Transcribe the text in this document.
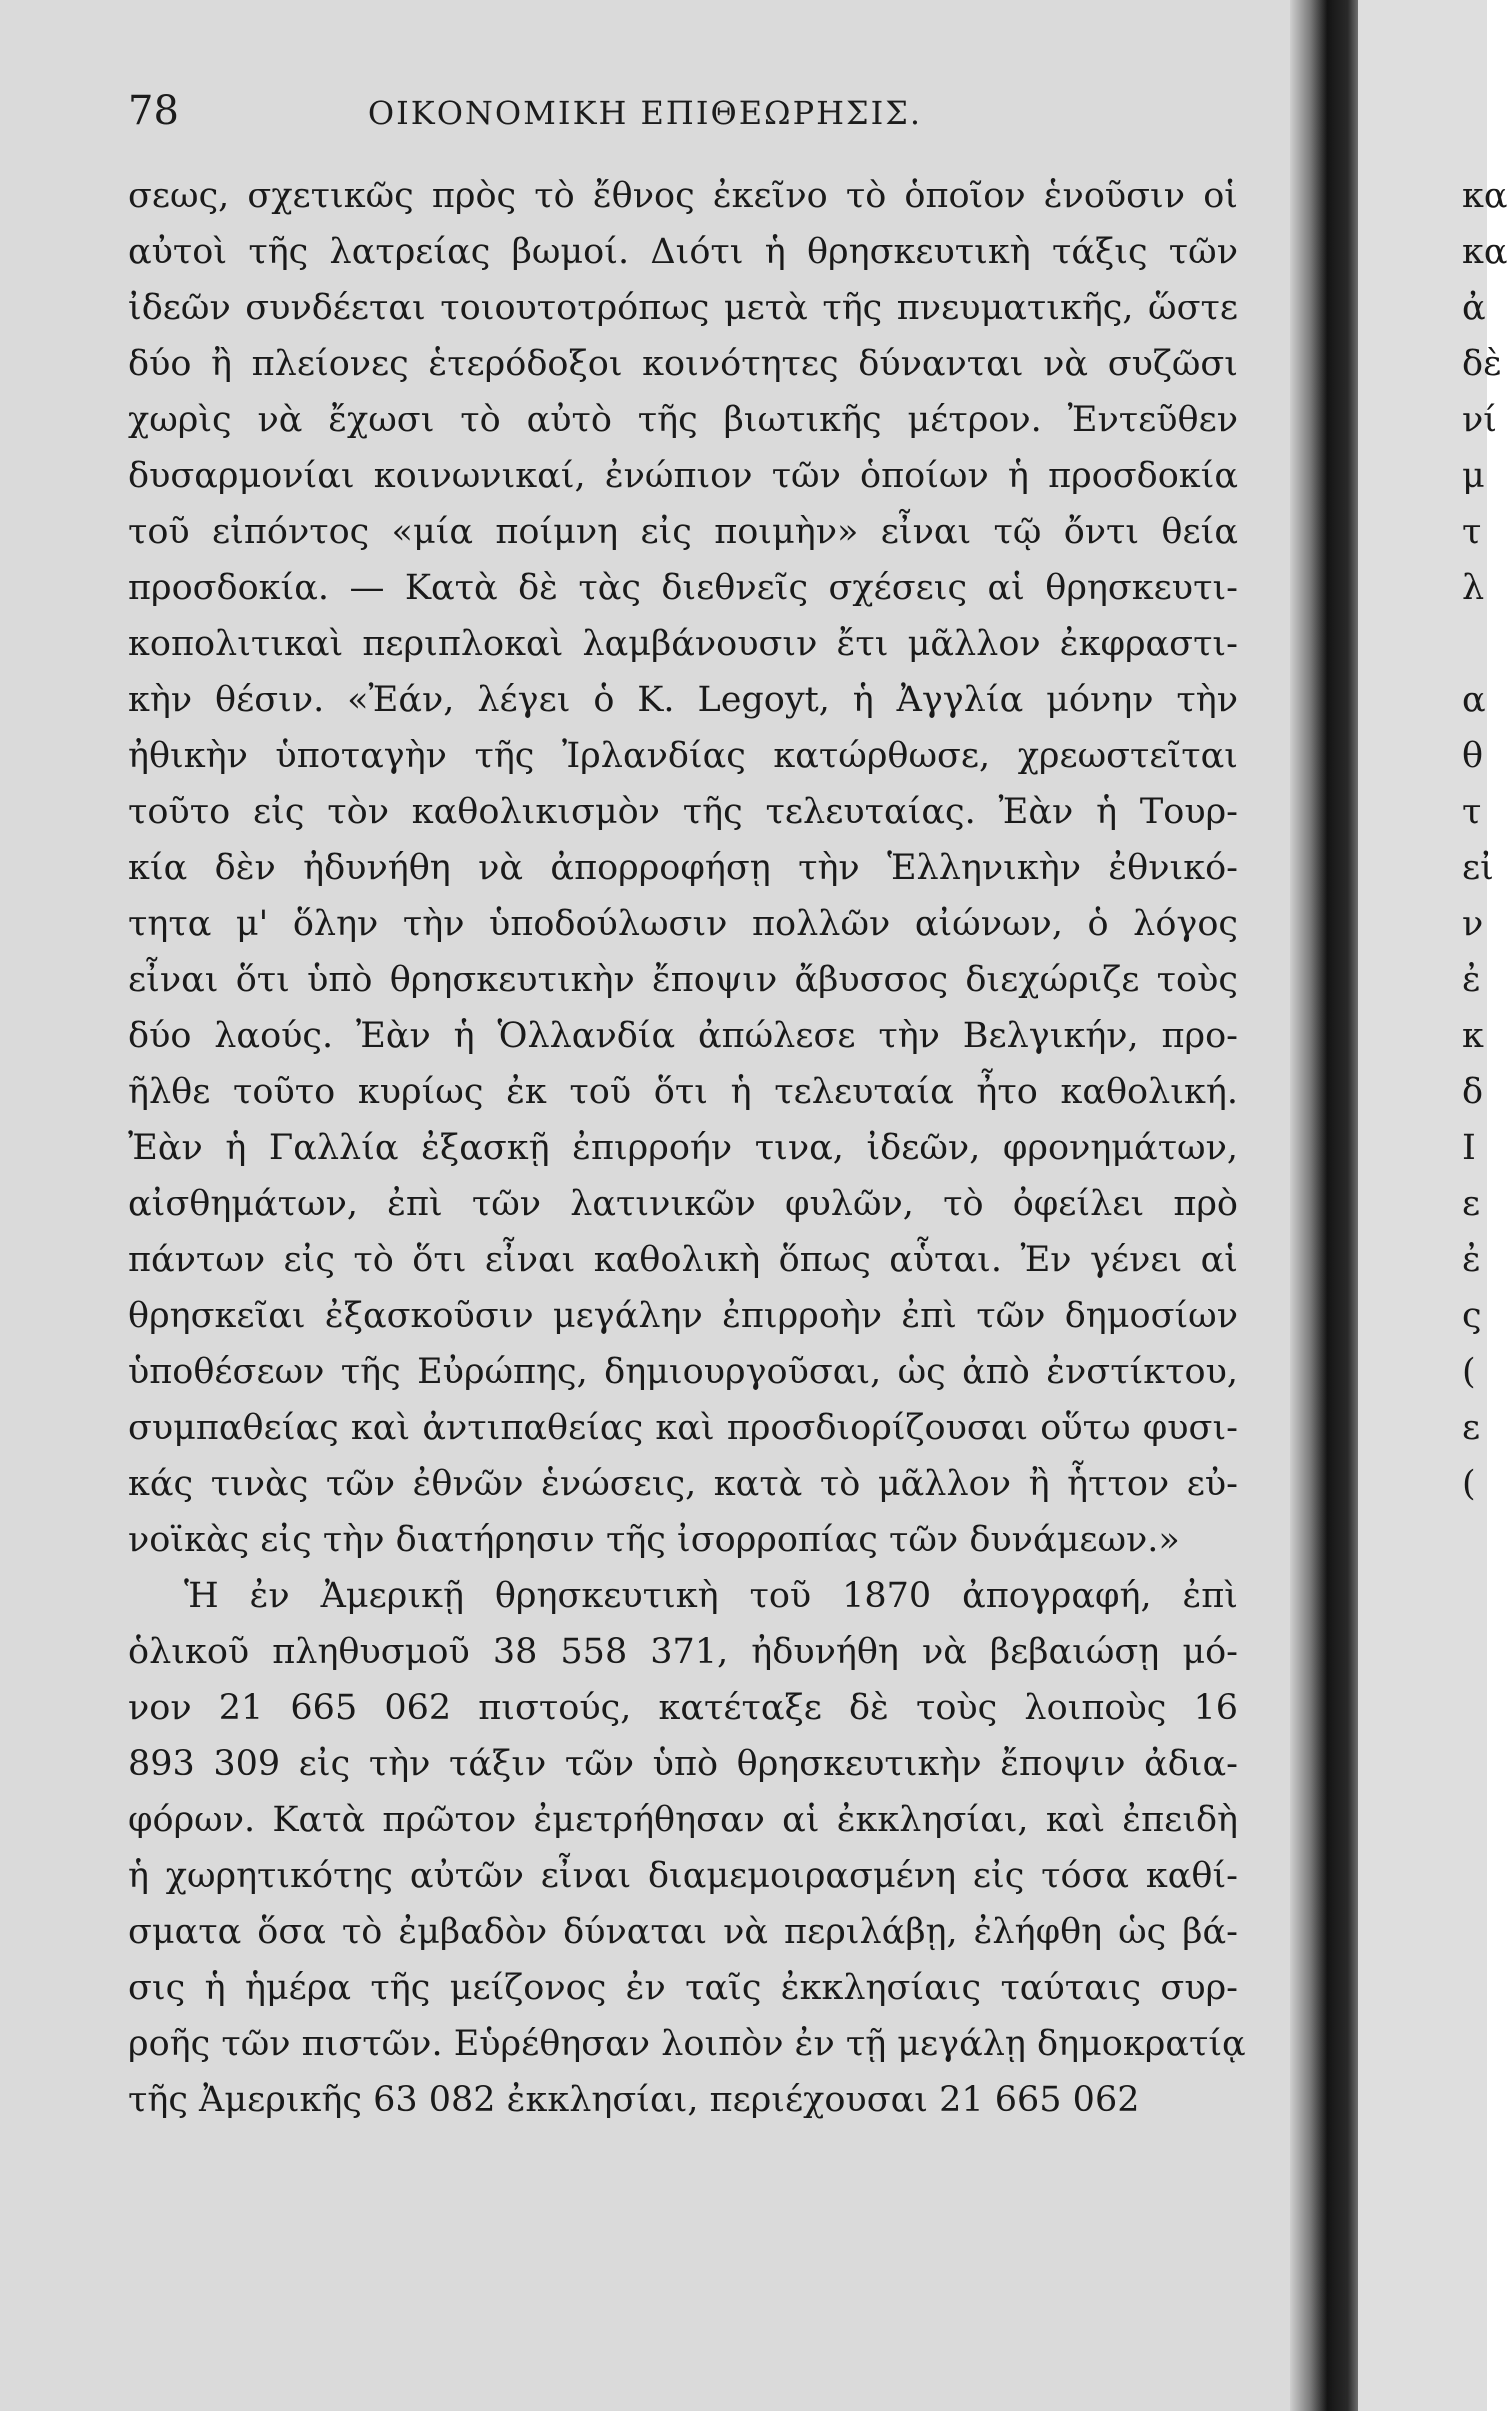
78	ΟΙΚΟΝΟΜΙΚΗ ΕΠΙΘΕΩΡΗΣΙΣ.
σεως, σχετικῶς πρὸς τὸ ἔθνος ἐκεῖνο τὸ ὁποῖον ἑνοῦσιν οἱ
αὐτοὶ τῆς λατρείας βωμοί. Διότι ἡ θρησκευτικὴ τάξις τῶν
ἰδεῶν συνδέεται τοιουτοτρόπως μετὰ τῆς πνευματικῆς, ὥστε
δύο ἢ πλείονες ἑτερόδοξοι κοινότητες δύνανται νὰ συζῶσι
χωρὶς νὰ ἔχωσι τὸ αὐτὸ τῆς βιωτικῆς μέτρον. Ἐντεῦθεν
δυσαρμονίαι κοινωνικαί, ἐνώπιον τῶν ὁποίων ἡ προσδοκία
τοῦ εἰπόντος «μία ποίμνη εἰς ποιμὴν» εἶναι τῷ ὄντι θεία
προσδοκία. — Κατὰ δὲ τὰς διεθνεῖς σχέσεις αἱ θρησκευτι-
κοπολιτικαὶ περιπλοκαὶ λαμβάνουσιν ἔτι μᾶλλον ἐκφραστι-
κὴν θέσιν. «Ἐάν, λέγει ὁ Κ. Legoyt, ἡ Ἀγγλία μόνην τὴν
ἠθικὴν ὑποταγὴν τῆς Ἰρλανδίας κατώρθωσε, χρεωστεῖται
τοῦτο εἰς τὸν καθολικισμὸν τῆς τελευταίας. Ἐὰν ἡ Τουρ-
κία δὲν ἠδυνήθη νὰ ἀπορροφήσῃ τὴν Ἑλληνικὴν ἐθνικό-
τητα μ' ὅλην τὴν ὑποδούλωσιν πολλῶν αἰώνων, ὁ λόγος
εἶναι ὅτι ὑπὸ θρησκευτικὴν ἔποψιν ἄβυσσος διεχώριζε τοὺς
δύο λαούς. Ἐὰν ἡ Ὁλλανδία ἀπώλεσε τὴν Βελγικήν, προ-
ῆλθε τοῦτο κυρίως ἐκ τοῦ ὅτι ἡ τελευταία ἦτο καθολική.
Ἐὰν ἡ Γαλλία ἐξασκῇ ἐπιρροήν τινα, ἰδεῶν, φρονημάτων,
αἰσθημάτων, ἐπὶ τῶν λατινικῶν φυλῶν, τὸ ὀφείλει πρὸ
πάντων εἰς τὸ ὅτι εἶναι καθολικὴ ὅπως αὗται. Ἐν γένει αἱ
θρησκεῖαι ἐξασκοῦσιν μεγάλην ἐπιρροὴν ἐπὶ τῶν δημοσίων
ὑποθέσεων τῆς Εὐρώπης, δημιουργοῦσαι, ὡς ἀπὸ ἐνστίκτου,
συμπαθείας καὶ ἀντιπαθείας καὶ προσδιορίζουσαι οὕτω φυσι-
κάς τινὰς τῶν ἐθνῶν ἑνώσεις, κατὰ τὸ μᾶλλον ἢ ἧττον εὐ-
νοϊκὰς εἰς τὴν διατήρησιν τῆς ἰσορροπίας τῶν δυνάμεων.»
Ἡ ἐν Ἀμερικῇ θρησκευτικὴ τοῦ 1870 ἀπογραφή, ἐπὶ
ὁλικοῦ πληθυσμοῦ 38 558 371, ἠδυνήθη νὰ βεβαιώσῃ μό-
νον 21 665 062 πιστούς, κατέταξε δὲ τοὺς λοιποὺς 16
893 309 εἰς τὴν τάξιν τῶν ὑπὸ θρησκευτικὴν ἔποψιν ἀδια-
φόρων. Κατὰ πρῶτον ἐμετρήθησαν αἱ ἐκκλησίαι, καὶ ἐπειδὴ
ἡ χωρητικότης αὐτῶν εἶναι διαμεμοιρασμένη εἰς τόσα καθί-
σματα ὅσα τὸ ἐμβαδὸν δύναται νὰ περιλάβῃ, ἐλήφθη ὡς βά-
σις ἡ ἡμέρα τῆς μείζονος ἐν ταῖς ἐκκλησίαις ταύταις συρ-
ροῆς τῶν πιστῶν. Εὑρέθησαν λοιπὸν ἐν τῇ μεγάλῃ δημοκρατίᾳ
τῆς Ἀμερικῆς 63 082 ἐκκλησίαι, περιέχουσαι 21 665 062
κα
κα
ἀ
δὲ
νί
μ
τ
λ
α
θ
τ
εἰ
ν
ἐ
κ
δ
Ι
ε
ἐ
ς
(
ε
(
